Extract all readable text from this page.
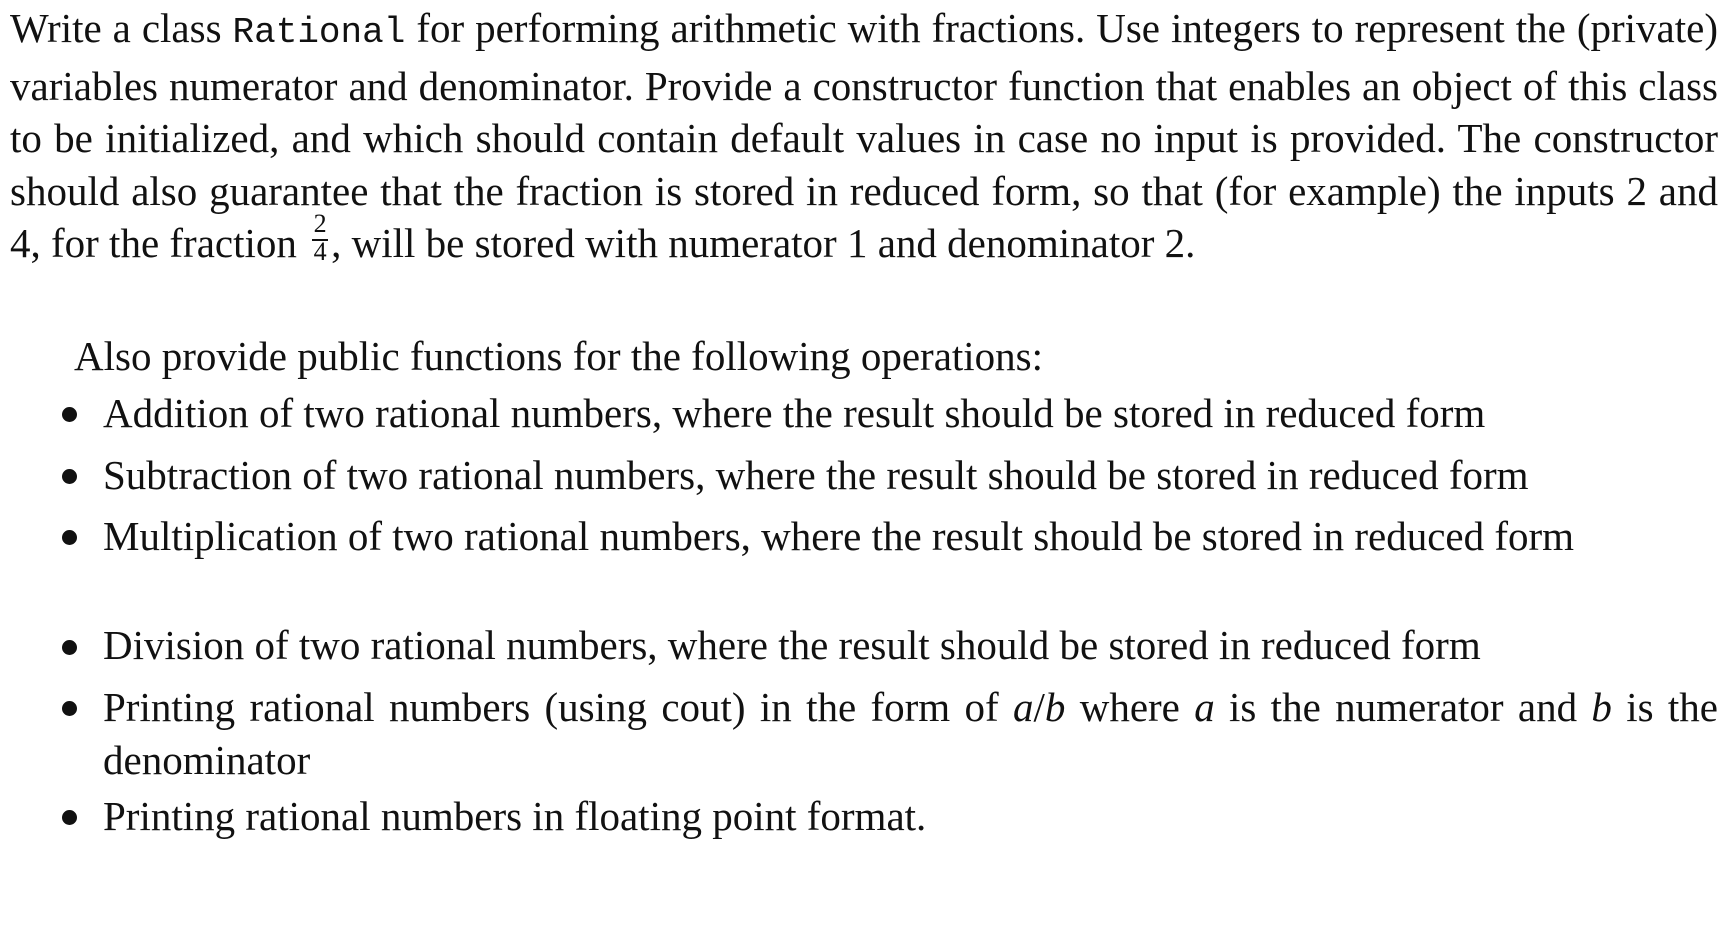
Write a class Rational for performing arithmetic with fractions. Use integers to represent the (private) variables numerator and denominator. Provide a constructor function that enables an object of this class to be initialized, and which should contain default values in case no input is provided. The constructor should also guarantee that the fraction is stored in reduced form, so that (for example) the inputs 2 and 4, for the fraction $\frac{2}{4}$ , will be stored with numerator 1 and denominator 2.

Also provide public functions for the following operations:

Addition of two rational numbers, where the result should be stored in reduced form

Subtraction of two rational numbers, where the result should be stored in reduced form

Multiplication of two rational numbers, where the result should be stored in reduced form

Division of two rational numbers, where the result should be stored in reduced form

Printing rational numbers (using cout) in the form of a/b where a is the numerator and b is the denominator

Printing rational numbers in floating point format.
